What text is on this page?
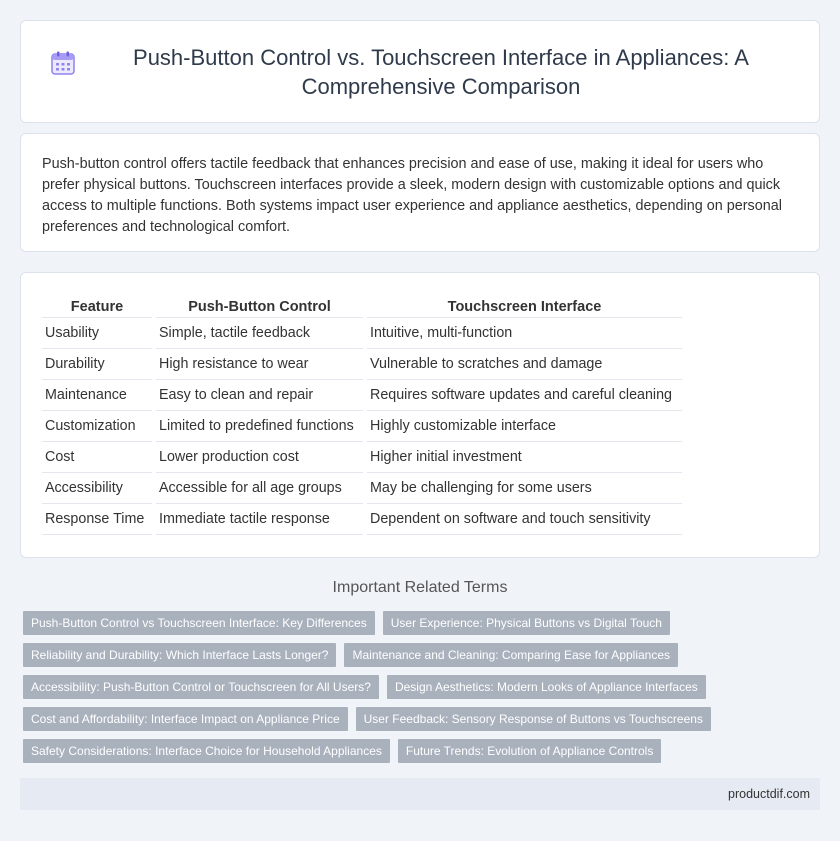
Push-Button Control vs. Touchscreen Interface in Appliances: A Comprehensive Comparison

Push-button control offers tactile feedback that enhances precision and ease of use, making it ideal for users who prefer physical buttons. Touchscreen interfaces provide a sleek, modern design with customizable options and quick access to multiple functions. Both systems impact user experience and appliance aesthetics, depending on personal preferences and technological comfort.

Feature	Push-Button Control	Touchscreen Interface
Usability	Simple, tactile feedback	Intuitive, multi-function
Durability	High resistance to wear	Vulnerable to scratches and damage
Maintenance	Easy to clean and repair	Requires software updates and careful cleaning
Customization	Limited to predefined functions	Highly customizable interface
Cost	Lower production cost	Higher initial investment
Accessibility	Accessible for all age groups	May be challenging for some users
Response Time	Immediate tactile response	Dependent on software and touch sensitivity
Important Related Terms
Push-Button Control vs Touchscreen Interface: Key Differences	User Experience: Physical Buttons vs Digital Touch
Reliability and Durability: Which Interface Lasts Longer?	Maintenance and Cleaning: Comparing Ease for Appliances
Accessibility: Push-Button Control or Touchscreen for All Users?	Design Aesthetics: Modern Looks of Appliance Interfaces
Cost and Affordability: Interface Impact on Appliance Price	User Feedback: Sensory Response of Buttons vs Touchscreens
Safety Considerations: Interface Choice for Household Appliances	Future Trends: Evolution of Appliance Controls
productdif.com
